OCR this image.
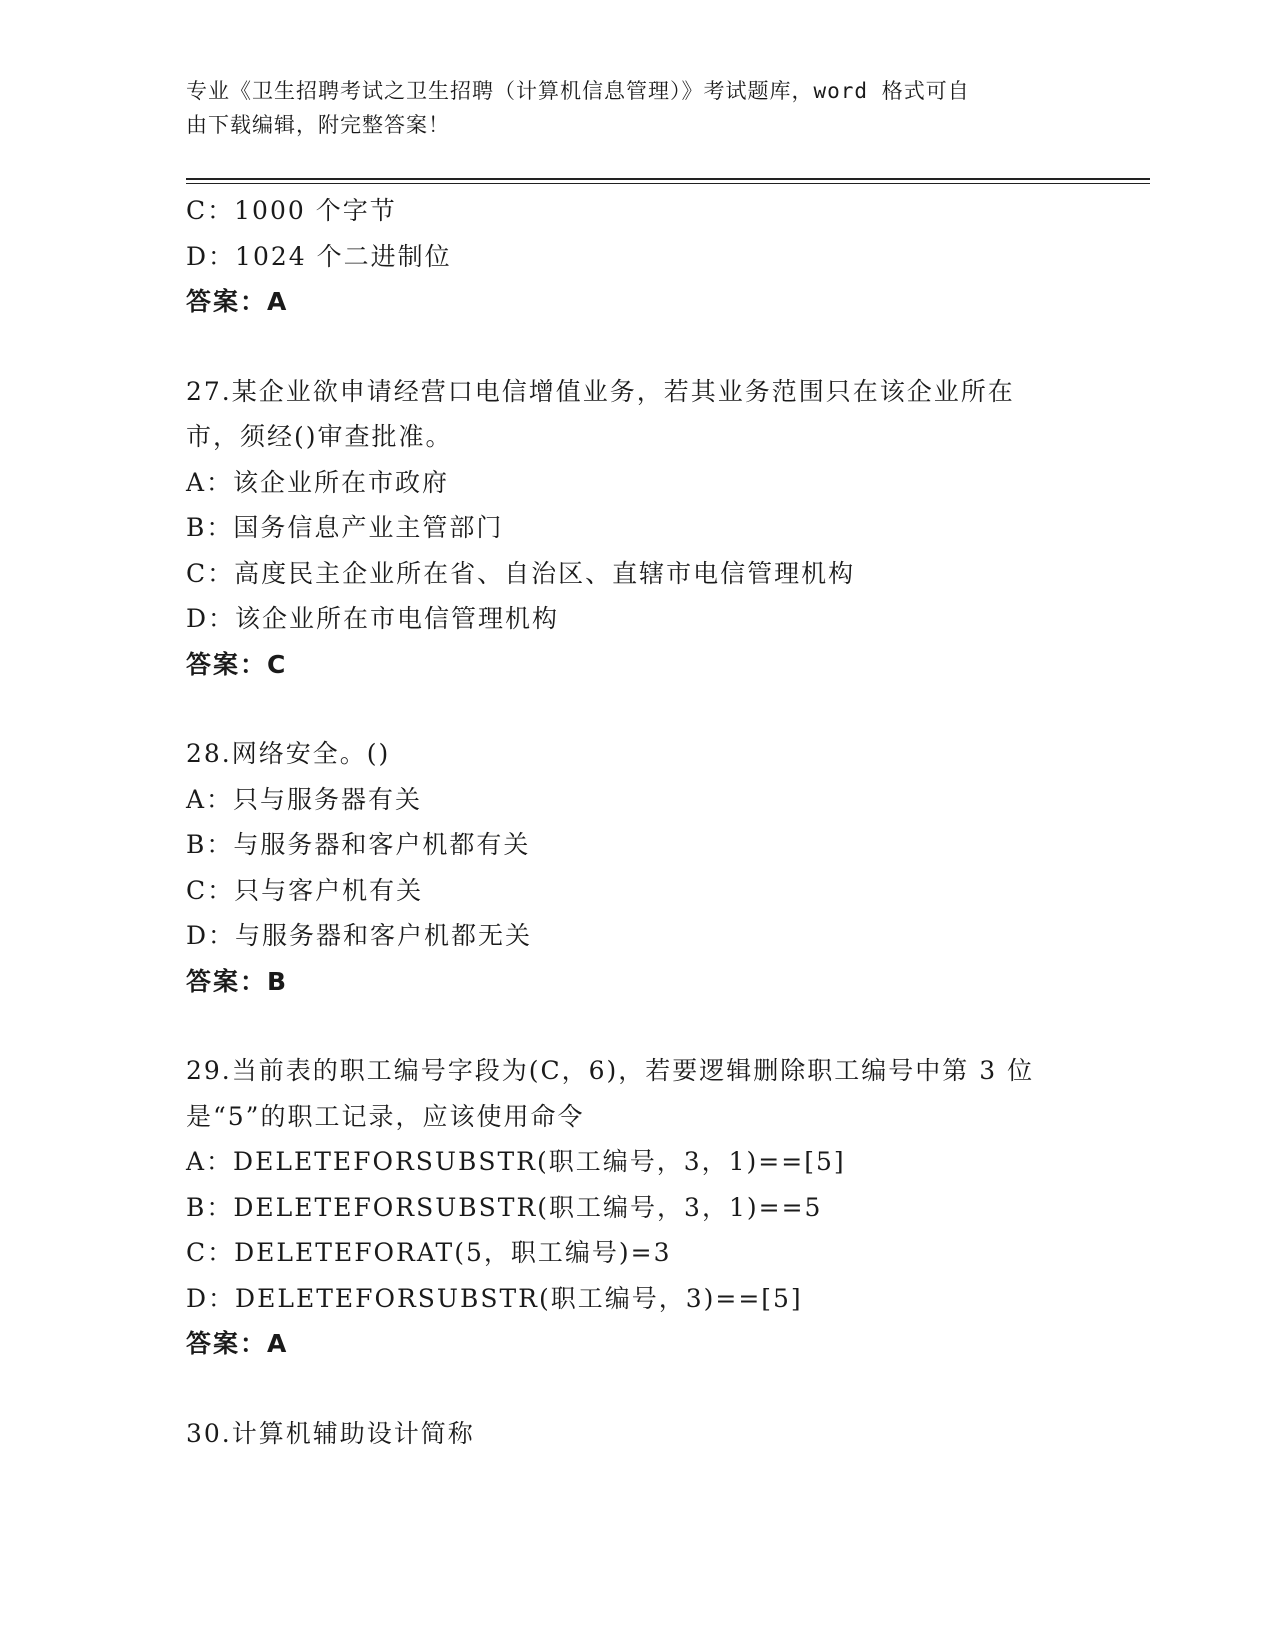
专业《卫生招聘考试之卫生招聘（计算机信息管理）》考试题库，word 格式可自
由下载编辑，附完整答案！
C：1000 个字节
D：1024 个二进制位
答案：A
27.某企业欲申请经营口电信增值业务，若其业务范围只在该企业所在
市，须经()审查批准。
A：该企业所在市政府
B：国务信息产业主管部门
C：高度民主企业所在省、自治区、直辖市电信管理机构
D：该企业所在市电信管理机构
答案：C
28.网络安全。()
A：只与服务器有关
B：与服务器和客户机都有关
C：只与客户机有关
D：与服务器和客户机都无关
答案：B
29.当前表的职工编号字段为(C，6)，若要逻辑删除职工编号中第 3 位
是“5”的职工记录，应该使用命令
A：DELETEFORSUBSTR(职工编号，3，1)==[5]
B：DELETEFORSUBSTR(职工编号，3，1)==5
C：DELETEFORAT(5，职工编号)=3
D：DELETEFORSUBSTR(职工编号，3)==[5]
答案：A
30.计算机辅助设计简称
